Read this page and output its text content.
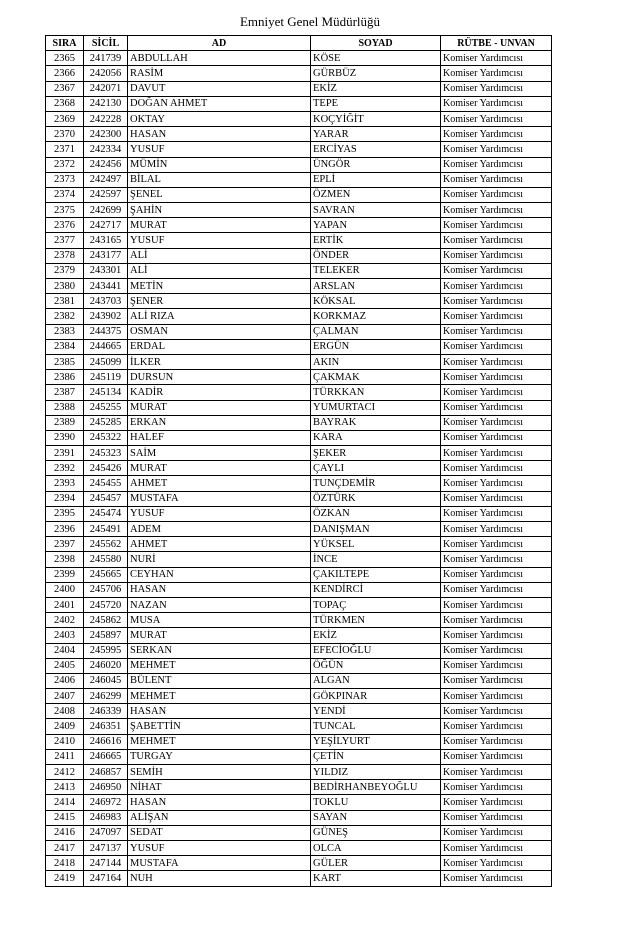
Emniyet Genel Müdürlüğü
SIRA	SİCİL	AD	SOYAD	RÜTBE - UNVAN
2365	241739	ABDULLAH	KÖSE	Komiser Yardımcısı
2366	242056	RASİM	GÜRBÜZ	Komiser Yardımcısı
2367	242071	DAVUT	EKİZ	Komiser Yardımcısı
2368	242130	DOĞAN AHMET	TEPE	Komiser Yardımcısı
2369	242228	OKTAY	KOÇYİĞİT	Komiser Yardımcısı
2370	242300	HASAN	YARAR	Komiser Yardımcısı
2371	242334	YUSUF	ERCİYAS	Komiser Yardımcısı
2372	242456	MÜMİN	ÜNGÖR	Komiser Yardımcısı
2373	242497	BİLAL	EPLİ	Komiser Yardımcısı
2374	242597	ŞENEL	ÖZMEN	Komiser Yardımcısı
2375	242699	ŞAHİN	SAVRAN	Komiser Yardımcısı
2376	242717	MURAT	YAPAN	Komiser Yardımcısı
2377	243165	YUSUF	ERTİK	Komiser Yardımcısı
2378	243177	ALİ	ÖNDER	Komiser Yardımcısı
2379	243301	ALİ	TELEKER	Komiser Yardımcısı
2380	243441	METİN	ARSLAN	Komiser Yardımcısı
2381	243703	ŞENER	KÖKSAL	Komiser Yardımcısı
2382	243902	ALİ RIZA	KORKMAZ	Komiser Yardımcısı
2383	244375	OSMAN	ÇALMAN	Komiser Yardımcısı
2384	244665	ERDAL	ERGÜN	Komiser Yardımcısı
2385	245099	İLKER	AKIN	Komiser Yardımcısı
2386	245119	DURSUN	ÇAKMAK	Komiser Yardımcısı
2387	245134	KADİR	TÜRKKAN	Komiser Yardımcısı
2388	245255	MURAT	YUMURTACI	Komiser Yardımcısı
2389	245285	ERKAN	BAYRAK	Komiser Yardımcısı
2390	245322	HALEF	KARA	Komiser Yardımcısı
2391	245323	SAİM	ŞEKER	Komiser Yardımcısı
2392	245426	MURAT	ÇAYLI	Komiser Yardımcısı
2393	245455	AHMET	TUNÇDEMİR	Komiser Yardımcısı
2394	245457	MUSTAFA	ÖZTÜRK	Komiser Yardımcısı
2395	245474	YUSUF	ÖZKAN	Komiser Yardımcısı
2396	245491	ADEM	DANIŞMAN	Komiser Yardımcısı
2397	245562	AHMET	YÜKSEL	Komiser Yardımcısı
2398	245580	NURİ	İNCE	Komiser Yardımcısı
2399	245665	CEYHAN	ÇAKILTEPE	Komiser Yardımcısı
2400	245706	HASAN	KENDİRCİ	Komiser Yardımcısı
2401	245720	NAZAN	TOPAÇ	Komiser Yardımcısı
2402	245862	MUSA	TÜRKMEN	Komiser Yardımcısı
2403	245897	MURAT	EKİZ	Komiser Yardımcısı
2404	245995	SERKAN	EFECİOĞLU	Komiser Yardımcısı
2405	246020	MEHMET	ÖĞÜN	Komiser Yardımcısı
2406	246045	BÜLENT	ALGAN	Komiser Yardımcısı
2407	246299	MEHMET	GÖKPINAR	Komiser Yardımcısı
2408	246339	HASAN	YENDİ	Komiser Yardımcısı
2409	246351	ŞABETTİN	TUNCAL	Komiser Yardımcısı
2410	246616	MEHMET	YEŞİLYURT	Komiser Yardımcısı
2411	246665	TURGAY	ÇETİN	Komiser Yardımcısı
2412	246857	SEMİH	YILDIZ	Komiser Yardımcısı
2413	246950	NİHAT	BEDİRHANBEYOĞLU	Komiser Yardımcısı
2414	246972	HASAN	TOKLU	Komiser Yardımcısı
2415	246983	ALİŞAN	SAYAN	Komiser Yardımcısı
2416	247097	SEDAT	GÜNEŞ	Komiser Yardımcısı
2417	247137	YUSUF	OLCA	Komiser Yardımcısı
2418	247144	MUSTAFA	GÜLER	Komiser Yardımcısı
2419	247164	NUH	KART	Komiser Yardımcısı
